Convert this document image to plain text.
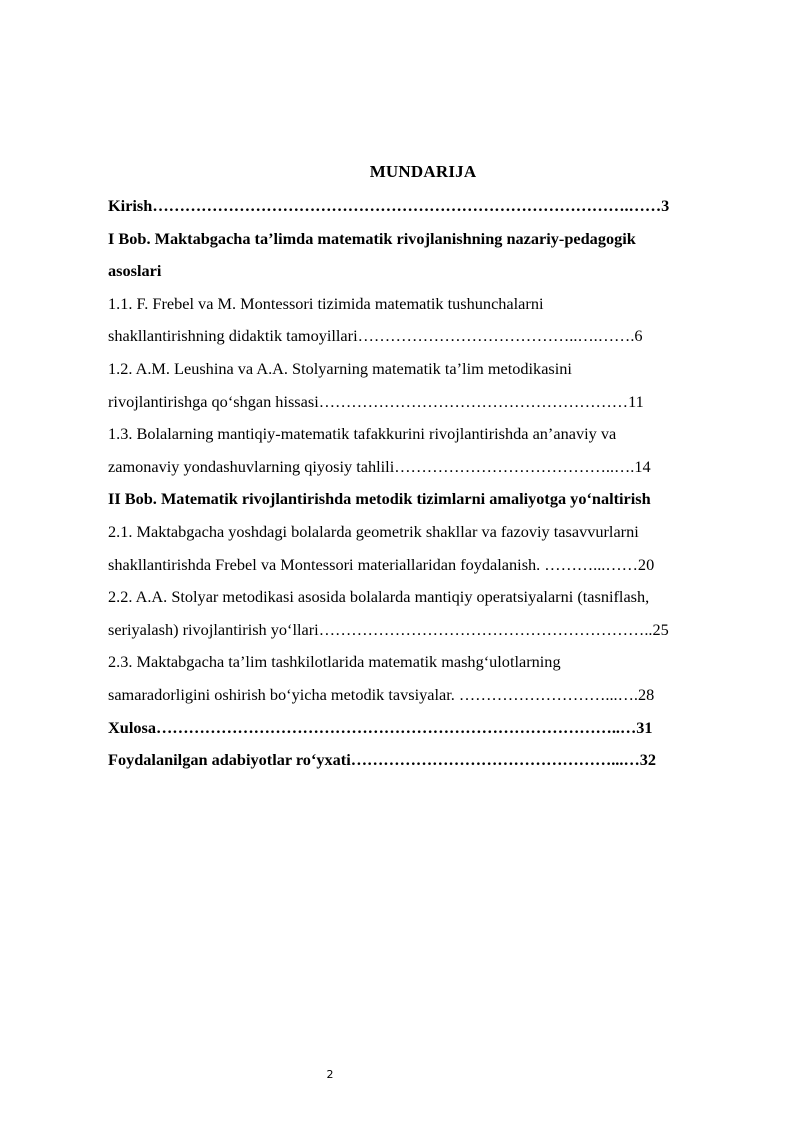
MUNDARIJA
Kirish…………………………………………………………………………….……3
I Bob. Maktabgacha ta’limda matematik rivojlanishning nazariy-pedagogik
asoslari
1.1. F. Frebel va M. Montessori tizimida matematik tushunchalarni
shakllantirishning didaktik tamoyillari…………………………………..….…….6
1.2. A.M. Leushina va A.A. Stolyarning matematik ta’lim metodikasini
rivojlantirishga qo‘shgan hissasi…………………………………………………11
1.3. Bolalarning mantiqiy-matematik tafakkurini rivojlantirishda an’anaviy va
zamonaviy yondashuvlarning qiyosiy tahlili…………………………………..….14
II Bob. Matematik rivojlantirishda metodik tizimlarni amaliyotga yo‘naltirish
2.1. Maktabgacha yoshdagi bolalarda geometrik shakllar va fazoviy tasavvurlarni
shakllantirishda Frebel va Montessori materiallaridan foydalanish. ………...……20
2.2. A.A. Stolyar metodikasi asosida bolalarda mantiqiy operatsiyalarni (tasniflash,
seriyalash) rivojlantirish yo‘llari……………………………………………………..25
2.3. Maktabgacha ta’lim tashkilotlarida matematik mashg‘ulotlarning
samaradorligini oshirish bo‘yicha metodik tavsiyalar. ………………………...….28
Xulosa…………………………………………………………………………..…31
Foydalanilgan adabiyotlar ro‘yxati…………………………………………...…32
2
